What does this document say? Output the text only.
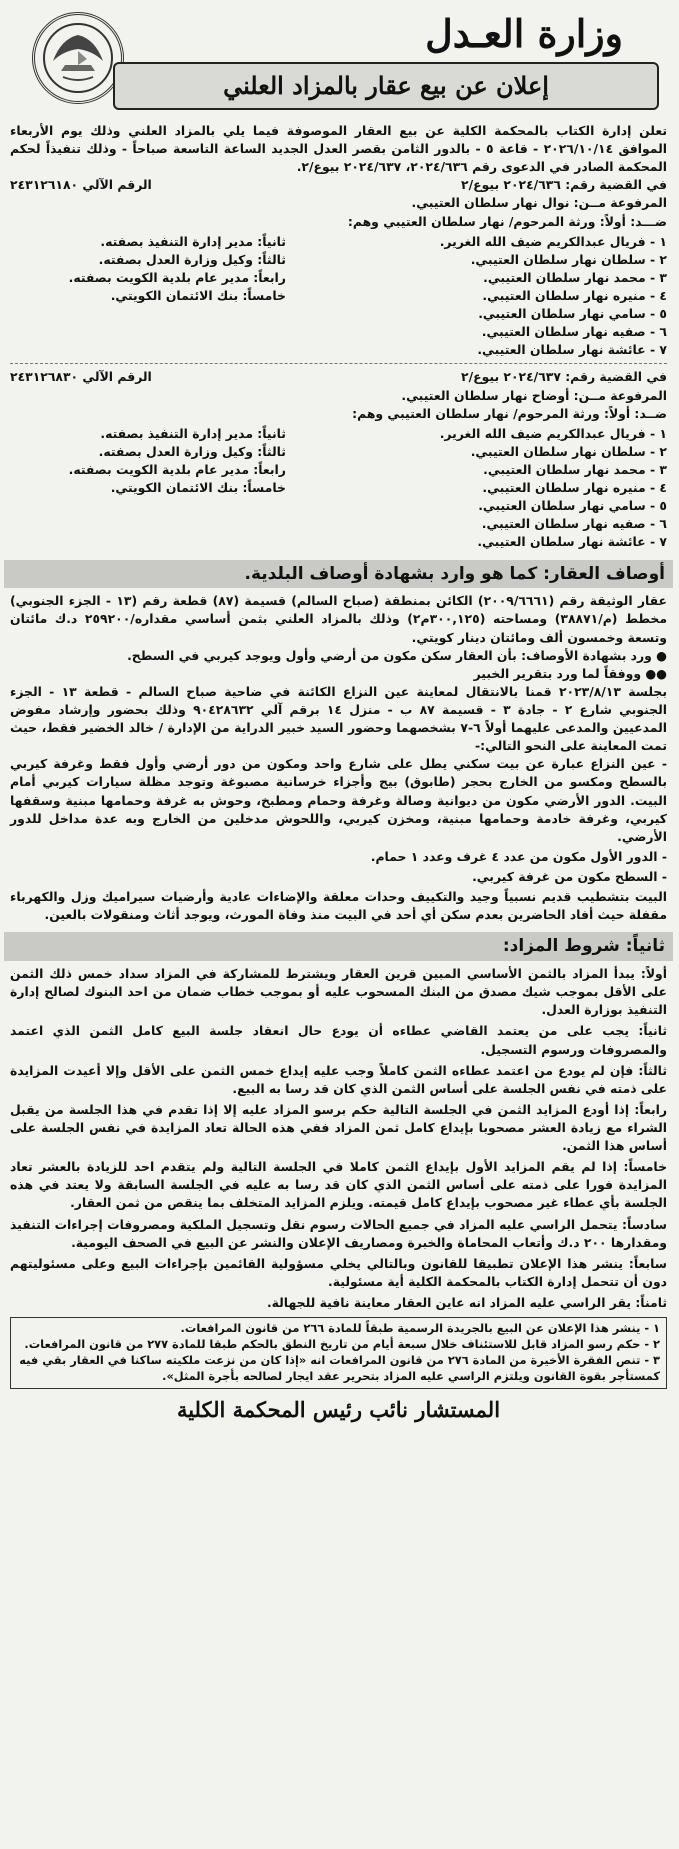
وزارة العـدل
إعلان عن بيع عقار بالمزاد العلني
تعلن إدارة الكتاب بالمحكمة الكلية عن بيع العقار الموصوفة فيما يلي بالمزاد العلني وذلك يوم الأربعاء الموافق ٢٠٢٦/١٠/١٤ - قاعة ٥ - بالدور الثامن بقصر العدل الجديد الساعة التاسعة صباحاً - وذلك تنفيذاً لحكم المحكمة الصادر في الدعوى رقم ٢٠٢٤/٦٣٦، ٢٠٢٤/٦٣٧ بيوع/٢.
في القضية رقم: ٢٠٢٤/٦٣٦ بيوع/٢
الرقم الآلي ٢٤٣١٢٦١٨٠
المرفوعة مــن: نوال نهار سلطان العتيبي.
ضـــد: أولاً: ورثة المرحوم/ نهار سلطان العتيبي وهم:
١ - فريال عبدالكريم ضيف الله الغرير.
٢ - سلطان نهار سلطان العتيبي.
٣ - محمد نهار سلطان العتيبي.
٤ - منيره نهار سلطان العتيبي.
٥ - سامي نهار سلطان العتيبي.
٦ - صفيه نهار سلطان العتيبي.
٧ - عائشة نهار سلطان العتيبي.
ثانياً: مدير إدارة التنفيذ بصفته.
ثالثاً: وكيل وزارة العدل بصفته.
رابعاً: مدير عام بلدية الكويت بصفته.
خامساً: بنك الائتمان الكويتي.
في القضية رقم: ٢٠٢٤/٦٣٧ بيوع/٢
الرقم الآلي ٢٤٣١٢٦٨٣٠
المرفوعة مــن: أوضاح نهار سلطان العتيبي.
ضــد: أولاً: ورثة المرحوم/ نهار سلطان العتيبي وهم:
١ - فريال عبدالكريم ضيف الله الغرير.
٢ - سلطان نهار سلطان العتيبي.
٣ - محمد نهار سلطان العتيبي.
٤ - منيره نهار سلطان العتيبي.
٥ - سامي نهار سلطان العتيبي.
٦ - صفيه نهار سلطان العتيبي.
٧ - عائشة نهار سلطان العتيبي.
ثانياً: مدير إدارة التنفيذ بصفته.
ثالثاً: وكيل وزارة العدل بصفته.
رابعاً: مدير عام بلدية الكويت بصفته.
خامساً: بنك الائتمان الكويتي.
أوصاف العقار: كما هو وارد بشهادة أوصاف البلدية.
عقار الوثيقة رقم (٢٠٠٩/٦٦٦١) الكائن بمنطقة (صباح السالم) قسيمة (٨٧) قطعة رقم (١٣ - الجزء الجنوبي) مخطط (م/٣٨٨٧١) ومساحته (٣٠٠,١٢٥م٢) وذلك بالمزاد العلني بثمن أساسي مقداره/٢٥٩٢٠٠ د.ك مائتان وتسعة وخمسون ألف ومائتان دينار كويتي.
● ورد بشهادة الأوصاف: بأن العقار سكن مكون من أرضي وأول ويوجد كيربي في السطح.
●● ووفقاً لما ورد بتقرير الخبير
بجلسة ٢٠٢٣/٨/١٣ قمنا بالانتقال لمعاينة عين النزاع الكائنة في ضاحية صباح السالم - قطعة ١٣ - الجزء الجنوبي شارع ٢ - جادة ٣ - قسيمة ٨٧ ب - منزل ١٤ برقم آلي ٩٠٤٢٨٦٣٢ وذلك بحضور وإرشاد مفوض المدعيين والمدعى عليهما أولاً ٦-٧ بشخصهما وحضور السيد خبير الدراية من الإدارة / خالد الخضير فقط، حيث تمت المعاينة على النحو التالي:-
- عين النزاع عبارة عن بيت سكني يطل على شارع واحد ومكون من دور أرضي وأول فقط وغرفة كيربي بالسطح ومكسو من الخارج بحجر (طابوق) بيج وأجزاء خرسانية مصبوغة وتوجد مظلة سيارات كيربي أمام البيت. الدور الأرضي مكون من ديوانية وصالة وغرفة وحمام ومطبخ، وحوش به غرفة وحمامها مبنية وسقفها كيربي، وغرفة خادمة وحمامها مبنية، ومخزن كيربي، واللحوش مدخلين من الخارج وبه عدة مداخل للدور الأرضي.
- الدور الأول مكون من عدد ٤ غرف وعدد ١ حمام.
- السطح مكون من غرفة كيربي.
البيت بتشطيب قديم نسبياً وجيد والتكييف وحدات معلقة والإضاءات عادية وأرضيات سيراميك وزل والكهرباء مقفلة حيث أفاد الحاضرين بعدم سكن أي أحد في البيت منذ وفاة المورث، ويوجد أثاث ومنقولات بالعين.
ثانياً: شروط المزاد:
أولاً: يبدأ المزاد بالثمن الأساسي المبين قرين العقار ويشترط للمشاركة في المزاد سداد خمس ذلك الثمن على الأقل بموجب شيك مصدق من البنك المسحوب عليه أو بموجب خطاب ضمان من احد البنوك لصالح إدارة التنفيذ بوزارة العدل.
ثانياً: يجب على من يعتمد القاضي عطاءه أن يودع حال انعقاد جلسة البيع كامل الثمن الذي اعتمد والمصروفات ورسوم التسجيل.
ثالثاً: فإن لم يودع من اعتمد عطاءه الثمن كاملاً وجب عليه إيداع خمس الثمن على الأقل وإلا أعيدت المزايدة على ذمته في نفس الجلسة على أساس الثمن الذي كان قد رسا به البيع.
رابعاً: إذا أودع المزايد الثمن في الجلسة التالية حكم برسو المزاد عليه إلا إذا تقدم في هذا الجلسة من يقبل الشراء مع زيادة العشر مصحوبا بإيداع كامل ثمن المزاد ففي هذه الحالة تعاد المزايدة في نفس الجلسة على أساس هذا الثمن.
خامساً: إذا لم يقم المزايد الأول بإيداع الثمن كاملا في الجلسة التالية ولم يتقدم احد للزيادة بالعشر تعاد المزايدة فورا على ذمته على أساس الثمن الذي كان قد رسا به عليه في الجلسة السابقة ولا يعتد في هذه الجلسة بأي عطاء غير مصحوب بإيداع كامل قيمته. ويلزم المزايد المتخلف بما ينقص من ثمن العقار.
سادساً: يتحمل الراسي عليه المزاد في جميع الحالات رسوم نقل وتسجيل الملكية ومصروفات إجراءات التنفيذ ومقدارها ٢٠٠ د.ك وأتعاب المحاماة والخبرة ومصاريف الإعلان والنشر عن البيع في الصحف اليومية.
سابعاً: ينشر هذا الإعلان تطبيقا للقانون وبالتالي يخلي مسؤولية القائمين بإجراءات البيع وعلى مسئوليتهم دون أن تتحمل إدارة الكتاب بالمحكمة الكلية أية مسئولية.
ثامناً: يقر الراسي عليه المزاد انه عاين العقار معاينة نافية للجهالة.
١ - ينشر هذا الإعلان عن البيع بالجريدة الرسمية طبقاً للمادة ٢٦٦ من قانون المرافعات.
٢ - حكم رسو المزاد قابل للاستئناف خلال سبعة أيام من تاريخ النطق بالحكم طبقا للمادة ٢٧٧ من قانون المرافعات.
٣ - تنص الفقرة الأخيرة من المادة ٢٧٦ من قانون المرافعات انه «إذا كان من نزعت ملكيته ساكنا في العقار بقي فيه كمستأجر بقوة القانون ويلتزم الراسي عليه المزاد بتحرير عقد ايجار لصالحه بأجرة المثل».
المستشار نائب رئيس المحكمة الكلية
